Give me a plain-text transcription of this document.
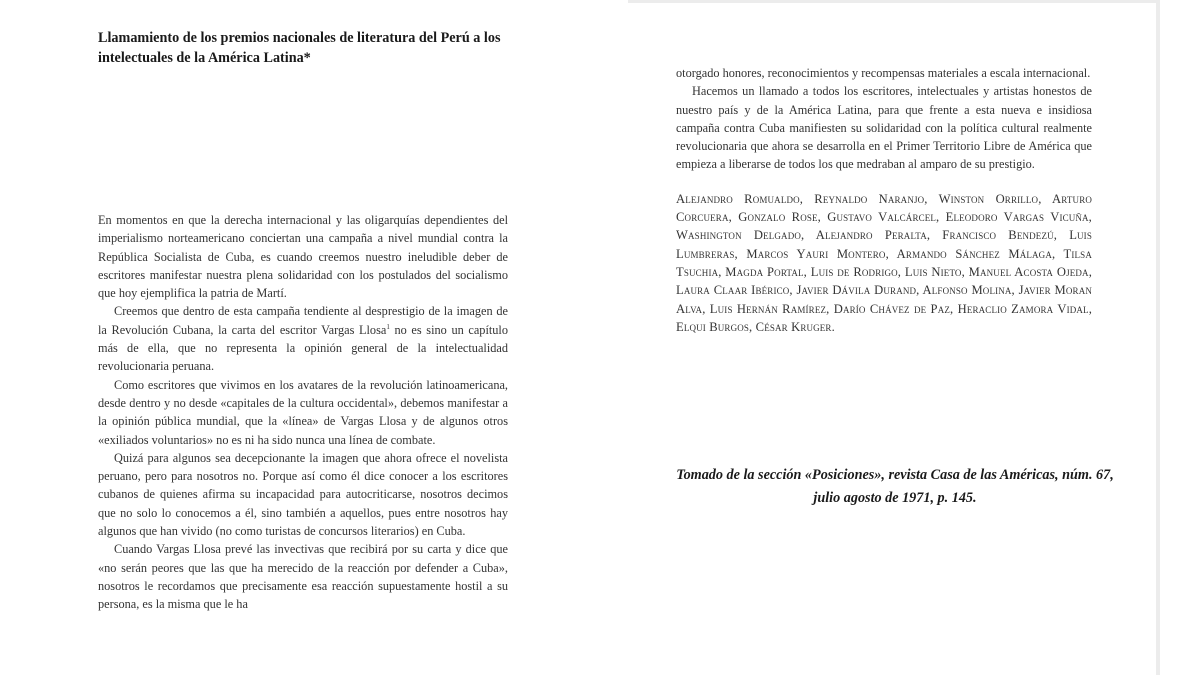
Llamamiento de los premios nacionales de literatura del Perú a los intelectuales de la América Latina*

En momentos en que la derecha internacional y las oligarquías dependientes del imperialismo norteamericano conciertan una campaña a nivel mundial contra la República Socialista de Cuba, es cuando creemos nuestro ineludible deber de escritores manifestar nuestra plena solidaridad con los postulados del socialismo que hoy ejemplifica la patria de Martí.

Creemos que dentro de esta campaña tendiente al desprestigio de la imagen de la Revolución Cubana, la carta del escritor Vargas Llosa$^1$ no es sino un capítulo más de ella, que no representa la opinión general de la intelectualidad revolucionaria peruana.

Como escritores que vivimos en los avatares de la revolución latinoamericana, desde dentro y no desde «capitales de la cultura occidental», debemos manifestar a la opinión pública mundial, que la «línea» de Vargas Llosa y de algunos otros «exiliados voluntarios» no es ni ha sido nunca una línea de combate.

Quizá para algunos sea decepcionante la imagen que ahora ofrece el novelista peruano, pero para nosotros no. Porque así como él dice conocer a los escritores cubanos de quienes afirma su incapacidad para autocriticarse, nosotros decimos que no solo lo conocemos a él, sino también a aquellos, pues entre nosotros hay algunos que han vivido (no como turistas de concursos literarios) en Cuba.

Cuando Vargas Llosa prevé las invectivas que recibirá por su carta y dice que «no serán peores que las que ha merecido de la reacción por defender a Cuba», nosotros le recordamos que precisamente esa reacción supuestamente hostil a su persona, es la misma que le ha

otorgado honores, reconocimientos y recompensas materiales a escala internacional.

Hacemos un llamado a todos los escritores, intelectuales y artistas honestos de nuestro país y de la América Latina, para que frente a esta nueva e insidiosa campaña contra Cuba manifiesten su solidaridad con la política cultural realmente revolucionaria que ahora se desarrolla en el Primer Territorio Libre de América que empieza a liberarse de todos los que medraban al amparo de su prestigio.

Alejandro Romualdo, Reynaldo Naranjo, Winston Orrillo, Arturo Corcuera, Gonzalo Rose, Gustavo Valcárcel, Eleodoro Vargas Vicuña, Washington Delgado, Alejandro Peralta, Francisco Bendezú, Luis Lumbreras, Marcos Yauri Montero, Armando Sánchez Málaga, Tilsa Tsuchia, Magda Portal, Luis de Rodrigo, Luis Nieto, Manuel Acosta Ojeda, Laura Claar Ibérico, Javier Dávila Durand, Alfonso Molina, Javier Moran Alva, Luis Hernán Ramírez, Darío Chávez de Paz, Heraclio Zamora Vidal, Elqui Burgos, César Kruger.

Tomado de la sección «Posiciones», revista Casa de las Américas, núm. 67, julio agosto de 1971, p. 145.
